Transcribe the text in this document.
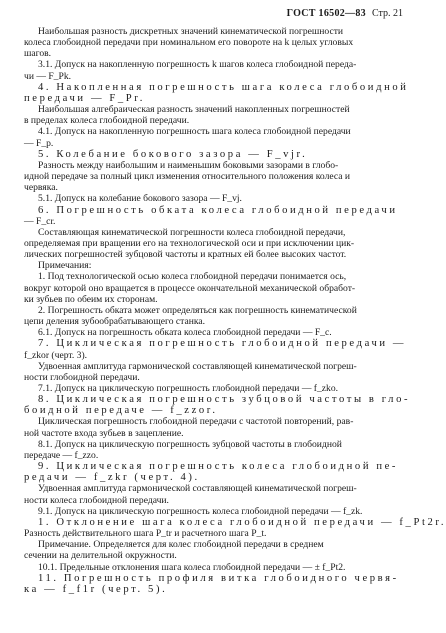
ГОСТ 16502—83 Стр. 21
Наибольшая разность дискретных значений кинематической погрешности
колеса глобоидной передачи при номинальном его повороте на k целых угловых
шагов.
3.1. Допуск на накопленную погрешность k шагов колеса глобоидной переда-
чи — F_Pk.
4. Накопленная погрешность шага колеса глобоидной
передачи — F_Pr.
Наибольшая алгебраическая разность значений накопленных погрешностей
в пределах колеса глобоидной передачи.
4.1. Допуск на накопленную погрешность шага колеса глобоидной передачи
— F_p.
5. Колебание бокового зазора — F_vjr.
Разность между наибольшим и наименьшим боковыми зазорами в глобо-
идной передаче за полный цикл изменения относительного положения колеса и
червяка.
5.1. Допуск на колебание бокового зазора — F_vj.
6. Погрешность обката колеса глобоидной передачи
— F_cr.
Составляющая кинематической погрешности колеса глобоидной передачи,
определяемая при вращении его на технологической оси и при исключении цик-
лических погрешностей зубцовой частоты и кратных ей более высоких частот.
Примечания:
1. Под технологической осью колеса глобоидной передачи понимается ось,
вокруг которой оно вращается в процессе окончательной механической обработ-
ки зубьев по обеим их сторонам.
2. Погрешность обката может определяться как погрешность кинематической
цепи деления зубообрабатывающего станка.
6.1. Допуск на погрешность обката колеса глобоидной передачи — F_c.
7. Циклическая погрешность глобоидной передачи —
f_zkor (черт. 3).
Удвоенная амплитуда гармонической составляющей кинематической погреш-
ности глобоидной передачи.
7.1. Допуск на циклическую погрешность глобоидной передачи — f_zko.
8. Циклическая погрешность зубцовой частоты в гло-
боидной передаче — f_zzor.
Циклическая погрешность глобоидной передачи с частотой повторений, рав-
ной частоте входа зубьев в зацепление.
8.1. Допуск на циклическую погрешность зубцовой частоты в глобоидной
передаче — f_zzo.
9. Циклическая погрешность колеса глобоидной пе-
редачи — f_zkr (черт. 4).
Удвоенная амплитуда гармонической составляющей кинематической погреш-
ности колеса глобоидной передачи.
9.1. Допуск на циклическую погрешность колеса глобоидной передачи — f_zk.
1. Отклонение шага колеса глобоидной передачи — f_Pt2r.
Разность действительного шага P_tr и расчетного шага P_t.
Примечание. Определяется для колес глобоидной передачи в среднем
сечении на делительной окружности.
10.1. Предельные отклонения шага колеса глобоидной передачи — ± f_Pt2.
11. Погрешность профиля витка глобоидного червя-
ка — f_f1r (черт. 5).
